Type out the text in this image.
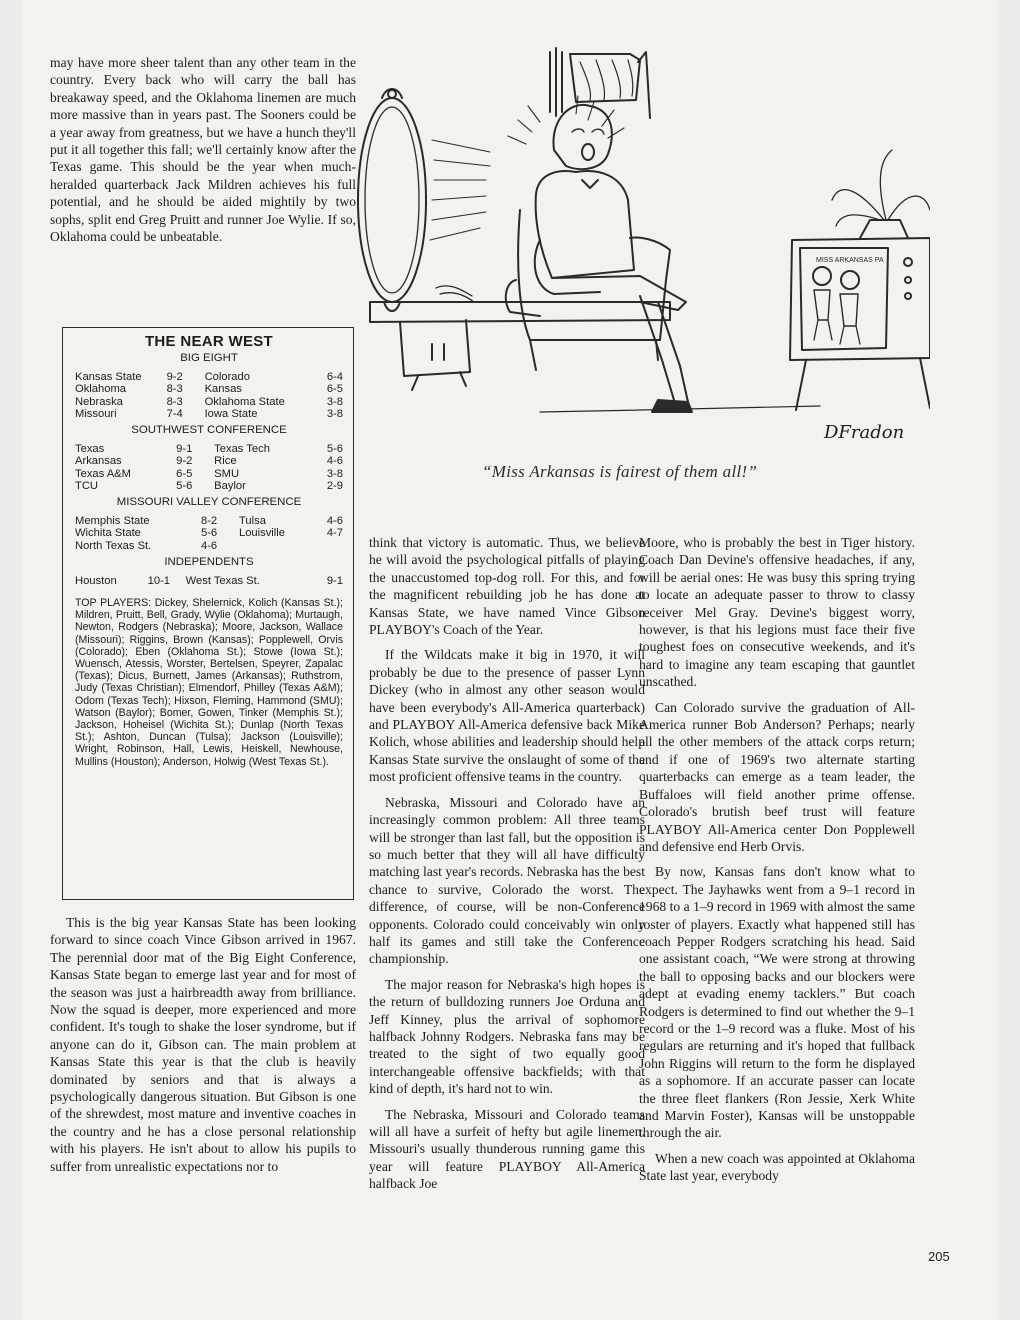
may have more sheer talent than any other team in the country. Every back who will carry the ball has breakaway speed, and the Oklahoma linemen are much more massive than in years past. The Sooners could be a year away from greatness, but we have a hunch they'll put it all together this fall; we'll certainly know after the Texas game. This should be the year when much-heralded quarterback Jack Mildren achieves his full potential, and he should be aided mightily by two sophs, split end Greg Pruitt and runner Joe Wylie. If so, Oklahoma could be unbeatable.

THE NEAR WEST
BIG EIGHT
Kansas State	9-2	Colorado	6-4
Oklahoma	8-3	Kansas	6-5
Nebraska	8-3	Oklahoma State	3-8
Missouri	7-4	Iowa State	3-8
SOUTHWEST CONFERENCE
Texas	9-1	Texas Tech	5-6
Arkansas	9-2	Rice	4-6
Texas A&M	6-5	SMU	3-8
TCU	5-6	Baylor	2-9
MISSOURI VALLEY CONFERENCE
Memphis State	8-2	Tulsa	4-6
Wichita State	5-6	Louisville	4-7
North Texas St.	4-6		
INDEPENDENTS
Houston	10-1	West Texas St.	9-1
TOP PLAYERS: Dickey, Shelernick, Kolich (Kansas St.); Mildren, Pruitt, Bell, Grady, Wylie (Oklahoma); Murtaugh, Newton, Rodgers (Nebraska); Moore, Jackson, Wallace (Missouri); Riggins, Brown (Kansas); Popplewell, Orvis (Colorado); Eben (Oklahoma St.); Stowe (Iowa St.); Wuensch, Atessis, Worster, Bertelsen, Speyrer, Zapalac (Texas); Dicus, Burnett, James (Arkansas); Ruthstrom, Judy (Texas Christian); Elmendorf, Philley (Texas A&M); Odom (Texas Tech); Hixson, Fleming, Hammond (SMU); Watson (Baylor); Bomer, Gowen, Tinker (Memphis St.); Jackson, Hoheisel (Wichita St.); Dunlap (North Texas St.); Ashton, Duncan (Tulsa); Jackson (Louisville); Wright, Robinson, Hall, Lewis, Heiskell, Newhouse, Mullins (Houston); Anderson, Holwig (West Texas St.).

This is the big year Kansas State has been looking forward to since coach Vince Gibson arrived in 1967. The perennial door mat of the Big Eight Conference, Kansas State began to emerge last year and for most of the season was just a hairbreadth away from brilliance. Now the squad is deeper, more experienced and more confident. It's tough to shake the loser syndrome, but if anyone can do it, Gibson can. The main problem at Kansas State this year is that the club is heavily dominated by seniors and that is always a psychologically dangerous situation. But Gibson is one of the shrewdest, most mature and inventive coaches in the country and he has a close personal relationship with his players. He isn't about to allow his pupils to suffer from unrealistic expectations nor to

MISS ARKANSAS PA
DFradon
“Miss Arkansas is fairest of them all!”

think that victory is automatic. Thus, we believe he will avoid the psychological pitfalls of playing the unaccustomed top-dog roll. For this, and for the magnificent rebuilding job he has done at Kansas State, we have named Vince Gibson PLAYBOY's Coach of the Year.

If the Wildcats make it big in 1970, it will probably be due to the presence of passer Lynn Dickey (who in almost any other season would have been everybody's All-America quarterback) and PLAYBOY All-America defensive back Mike Kolich, whose abilities and leadership should help Kansas State survive the onslaught of some of the most proficient offensive teams in the country.

Nebraska, Missouri and Colorado have an increasingly common problem: All three teams will be stronger than last fall, but the opposition is so much better that they will all have difficulty matching last year's records. Nebraska has the best chance to survive, Colorado the worst. The difference, of course, will be non-Conference opponents. Colorado could conceivably win only half its games and still take the Conference championship.

The major reason for Nebraska's high hopes is the return of bulldozing runners Joe Orduna and Jeff Kinney, plus the arrival of sophomore halfback Johnny Rodgers. Nebraska fans may be treated to the sight of two equally good interchangeable offensive backfields; with that kind of depth, it's hard not to win.

The Nebraska, Missouri and Colorado teams will all have a surfeit of hefty but agile linemen. Missouri's usually thunderous running game this year will feature PLAYBOY All-America halfback Joe

Moore, who is probably the best in Tiger history. Coach Dan Devine's offensive headaches, if any, will be aerial ones: He was busy this spring trying to locate an adequate passer to throw to classy receiver Mel Gray. Devine's biggest worry, however, is that his legions must face their five toughest foes on consecutive weekends, and it's hard to imagine any team escaping that gauntlet unscathed.

Can Colorado survive the graduation of All-America runner Bob Anderson? Perhaps; nearly all the other members of the attack corps return; and if one of 1969's two alternate starting quarterbacks can emerge as a team leader, the Buffaloes will field another prime offense. Colorado's brutish beef trust will feature PLAYBOY All-America center Don Popplewell and defensive end Herb Orvis.

By now, Kansas fans don't know what to expect. The Jayhawks went from a 9–1 record in 1968 to a 1–9 record in 1969 with almost the same roster of players. Exactly what happened still has coach Pepper Rodgers scratching his head. Said one assistant coach, “We were strong at throwing the ball to opposing backs and our blockers were adept at evading enemy tacklers.” But coach Rodgers is determined to find out whether the 9–1 record or the 1–9 record was a fluke. Most of his regulars are returning and it's hoped that fullback John Riggins will return to the form he displayed as a sophomore. If an accurate passer can locate the three fleet flankers (Ron Jessie, Xerk White and Marvin Foster), Kansas will be unstoppable through the air.

When a new coach was appointed at Oklahoma State last year, everybody

205
